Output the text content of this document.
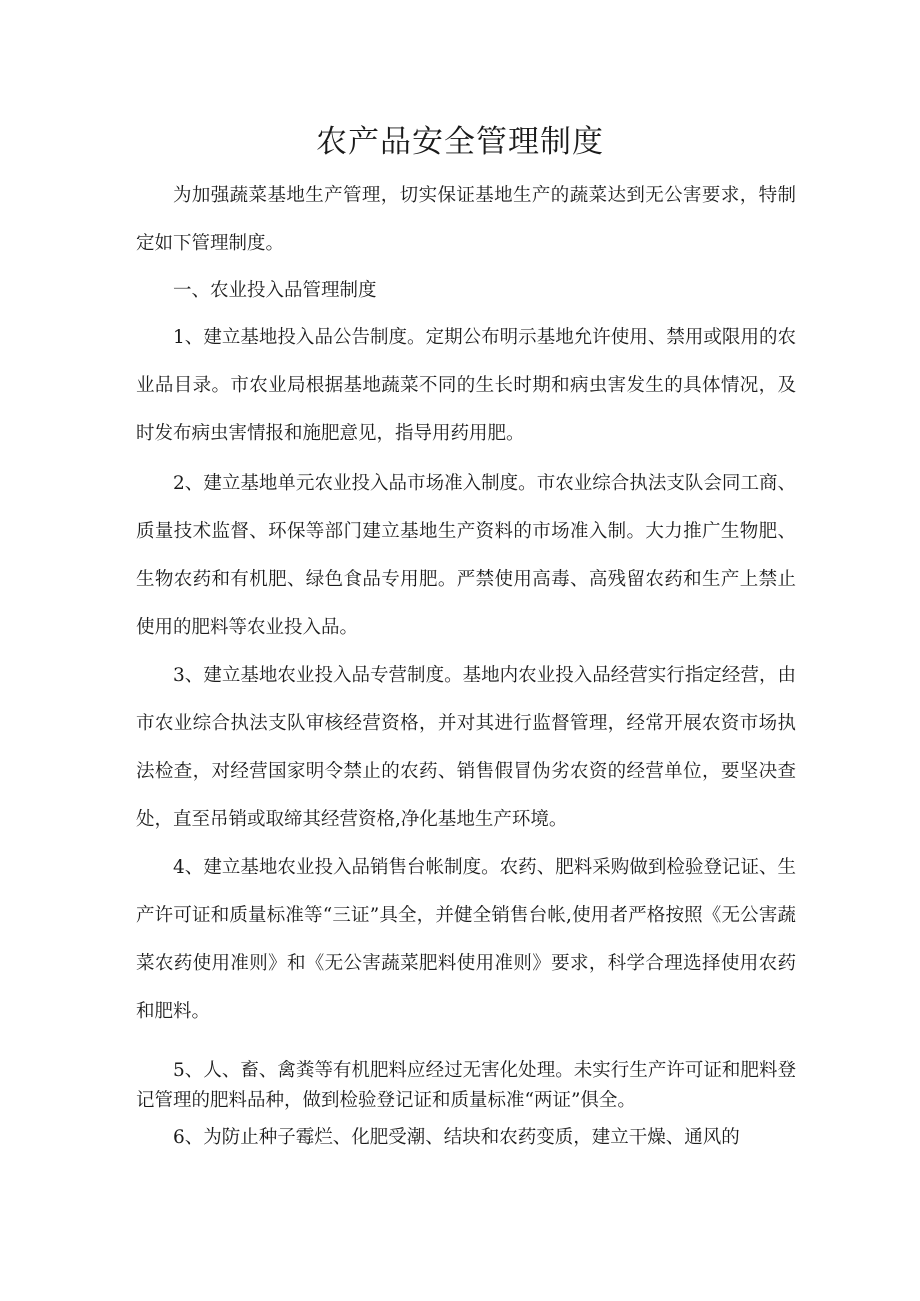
农产品安全管理制度

为加强蔬菜基地生产管理，切实保证基地生产的蔬菜达到无公害要求，特制定如下管理制度。

一、农业投入品管理制度

1、建立基地投入品公告制度。定期公布明示基地允许使用、禁用或限用的农业品目录。市农业局根据基地蔬菜不同的生长时期和病虫害发生的具体情况，及时发布病虫害情报和施肥意见，指导用药用肥。

2、建立基地单元农业投入品市场准入制度。市农业综合执法支队会同工商、质量技术监督、环保等部门建立基地生产资料的市场准入制。大力推广生物肥、生物农药和有机肥、绿色食品专用肥。严禁使用高毒、高残留农药和生产上禁止使用的肥料等农业投入品。

3、建立基地农业投入品专营制度。基地内农业投入品经营实行指定经营，由市农业综合执法支队审核经营资格，并对其进行监督管理，经常开展农资市场执法检查，对经营国家明令禁止的农药、销售假冒伪劣农资的经营单位，要坚决查处，直至吊销或取缔其经营资格,净化基地生产环境。

4、建立基地农业投入品销售台帐制度。农药、肥料采购做到检验登记证、生产许可证和质量标准等“三证”具全，并健全销售台帐,使用者严格按照《无公害蔬菜农药使用准则》和《无公害蔬菜肥料使用准则》要求，科学合理选择使用农药和肥料。

5、人、畜、禽粪等有机肥料应经过无害化处理。未实行生产许可证和肥料登记管理的肥料品种，做到检验登记证和质量标准“两证”俱全。

6、为防止种子霉烂、化肥受潮、结块和农药变质，建立干燥、通风的
